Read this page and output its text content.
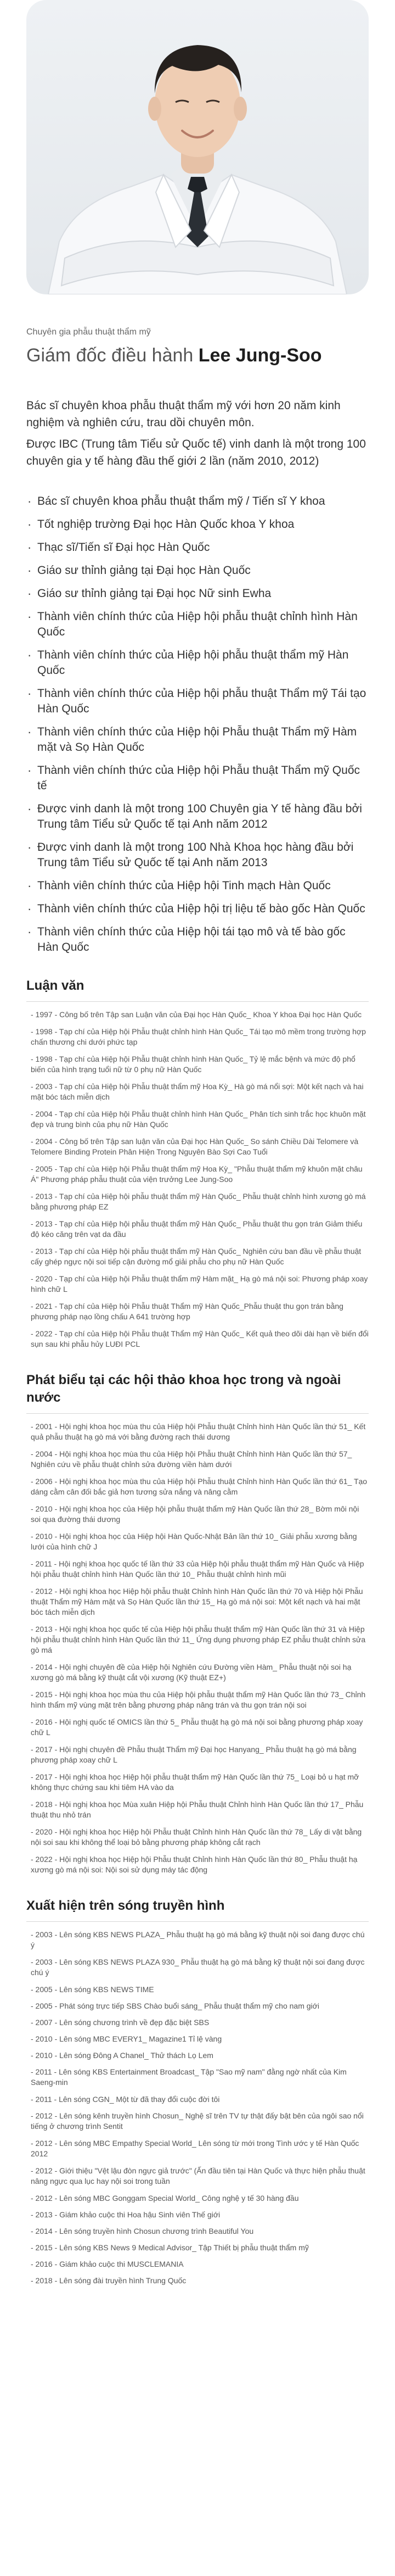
Chuyên gia phẫu thuật thẩm mỹ
Giám đốc điều hành Lee Jung-Soo

Bác sĩ chuyên khoa phẫu thuật thẩm mỹ với hơn 20 năm kinh nghiệm và nghiên cứu, trau dồi chuyên môn.

Được IBC (Trung tâm Tiểu sử Quốc tế) vinh danh là một trong 100 chuyên gia y tế hàng đầu thế giới 2 lần (năm 2010, 2012)

· Bác sĩ chuyên khoa phẫu thuật thẩm mỹ / Tiến sĩ Y khoa
· Tốt nghiệp trường Đại học Hàn Quốc khoa Y khoa
· Thạc sĩ/Tiến sĩ Đại học Hàn Quốc
· Giáo sư thỉnh giảng tại Đại học Hàn Quốc
· Giáo sư thỉnh giảng tại Đại học Nữ sinh Ewha
· Thành viên chính thức của Hiệp hội phẫu thuật chỉnh hình Hàn Quốc
· Thành viên chính thức của Hiệp hội phẫu thuật thẩm mỹ Hàn Quốc
· Thành viên chính thức của Hiệp hội phẫu thuật Thẩm mỹ Tái tạo Hàn Quốc
· Thành viên chính thức của Hiệp hội Phẫu thuật Thẩm mỹ Hàm mặt và Sọ Hàn Quốc
· Thành viên chính thức của Hiệp hội Phẫu thuật Thẩm mỹ Quốc tế
· Được vinh danh là một trong 100 Chuyên gia Y tế hàng đầu bởi Trung tâm Tiểu sử Quốc tế tại Anh năm 2012
· Được vinh danh là một trong 100 Nhà Khoa học hàng đầu bởi Trung tâm Tiểu sử Quốc tế tại Anh năm 2013
· Thành viên chính thức của Hiệp hội Tinh mạch Hàn Quốc
· Thành viên chính thức của Hiệp hội trị liệu tế bào gốc Hàn Quốc
· Thành viên chính thức của Hiệp hội tái tạo mô và tế bào gốc Hàn Quốc
Luận văn
- 1997 - Công bố trên Tập san Luận văn của Đại học Hàn Quốc_ Khoa Y khoa Đại học Hàn Quốc
- 1998 - Tạp chí của Hiệp hội Phẫu thuật chỉnh hình Hàn Quốc_ Tái tạo mô mềm trong trường hợp chấn thương chi dưới phức tạp
- 1998 - Tạp chí của Hiệp hội Phẫu thuật chỉnh hình Hàn Quốc_ Tỷ lệ mắc bệnh và mức độ phổ biến của hình trạng tuổi nữ từ 0 phụ nữ Hàn Quốc
- 2003 - Tạp chí của Hiệp hội Phẫu thuật thẩm mỹ Hoa Kỳ_ Hà gò má nổi sợi: Một kết nạch và hai mặt bóc tách miễn dịch
- 2004 - Tạp chí của Hiệp hội Phẫu thuật chỉnh hình Hàn Quốc_ Phân tích sinh trắc học khuôn mặt đẹp và trung bình của phụ nữ Hàn Quốc
- 2004 - Công bố trên Tập san luận văn của Đại học Hàn Quốc_ So sánh Chiều Dài Telomere và Telomere Binding Protein Phân Hiện Trong Nguyên Bào Sợi Cao Tuổi
- 2005 - Tạp chí của Hiệp hội Phẫu thuật thẩm mỹ Hoa Kỳ_ "Phẫu thuật thẩm mỹ khuôn mặt châu Á" Phương pháp phẫu thuật của viện trưởng Lee Jung-Soo
- 2013 - Tạp chí của Hiệp hội phẫu thuật thẩm mỹ Hàn Quốc_ Phẫu thuật chỉnh hình xương gò má bằng phương pháp EZ
- 2013 - Tạp chí của Hiệp hội phẫu thuật thẩm mỹ Hàn Quốc_ Phẫu thuật thu gọn trán Giảm thiểu độ kéo căng trên vạt da đầu
- 2013 - Tạp chí của Hiệp hội phẫu thuật thẩm mỹ Hàn Quốc_ Nghiên cứu ban đầu về phẫu thuật cấy ghép ngực nội soi tiếp cận đường mổ giải phẫu cho phụ nữ Hàn Quốc
- 2020 - Tạp chí của Hiệp hội Phẫu thuật thẩm mỹ Hàm mặt_ Hạ gò má nội soi: Phương pháp xoay hình chữ L
- 2021 - Tạp chí của Hiệp hội Phẫu thuật Thẩm mỹ Hàn Quốc_Phẫu thuật thu gọn trán bằng phương pháp nạo lồng chấu A 641 trường hợp
- 2022 - Tạp chí của Hiệp hội Phẫu thuật Thẩm mỹ Hàn Quốc_ Kết quả theo dõi dài hạn về biến đổi sụn sau khi phẫu hủy LUĐI PCL
Phát biểu tại các hội thảo khoa học trong và ngoài nước
- 2001 - Hội nghị khoa học mùa thu của Hiệp hội Phẫu thuật Chỉnh hình Hàn Quốc lần thứ 51_ Kết quả phẫu thuật hạ gò má với bằng đường rạch thái dương
- 2004 - Hội nghị khoa học mùa thu của Hiệp hội Phẫu thuật Chỉnh hình Hàn Quốc lần thứ 57_ Nghiên cứu về phẫu thuật chỉnh sửa đường viền hàm dưới
- 2006 - Hội nghị khoa học mùa thu của Hiệp hội Phẫu thuật Chỉnh hình Hàn Quốc lần thứ 61_ Tạo dáng cằm cân đối bắc giả hơn tương sửa nắng và nâng cằm
- 2010 - Hội nghị khoa học của Hiệp hội phẫu thuật thẩm mỹ Hàn Quốc lần thứ 28_ Bờm môi nội soi qua đường thái dương
- 2010 - Hội nghị khoa học của Hiệp hội Hàn Quốc-Nhật Bản lần thứ 10_ Giải phẫu xương bằng lưới của hình chữ J
- 2011 - Hội nghị khoa học quốc tế lần thứ 33 của Hiệp hội phẫu thuật thẩm mỹ Hàn Quốc và Hiệp hội phẫu thuật chỉnh hình Hàn Quốc lần thứ 10_ Phẫu thuật chỉnh hình mũi
- 2012 - Hội nghị khoa học Hiệp hội phẫu thuật Chỉnh hình Hàn Quốc lần thứ 70 và Hiệp hội Phẫu thuật Thẩm mỹ Hàm mặt và Sọ Hàn Quốc lần thứ 15_ Hạ gò má nội soi: Một kết nạch và hai mặt bóc tách miễn dịch
- 2013 - Hội nghị khoa học quốc tế của Hiệp hội phẫu thuật thẩm mỹ Hàn Quốc lần thứ 31 và Hiệp hội phẫu thuật chỉnh hình Hàn Quốc lần thứ 11_ Ứng dụng phương pháp EZ phẫu thuật chỉnh sửa gò má
- 2014 - Hội nghị chuyên đề của Hiệp hội Nghiên cứu Đường viền Hàm_ Phẫu thuật nội soi hạ xương gò má bằng kỹ thuật cắt vội xương (Kỹ thuật EZ+)
- 2015 - Hội nghị khoa học mùa thu của Hiệp hội phẫu thuật thẩm mỹ Hàn Quốc lần thứ 73_ Chỉnh hình thẩm mỹ vùng mặt trên bằng phương pháp nâng trán và thu gọn trán nội soi
- 2016 - Hội nghị quốc tế OMICS lần thứ 5_ Phẫu thuật hạ gò má nội soi bằng phương pháp xoay chữ L
- 2017 - Hội nghị chuyên đề Phẫu thuật Thẩm mỹ Đại học Hanyang_ Phẫu thuật hạ gò má bằng phương pháp xoay chữ L
- 2017 - Hội nghị khoa học Hiệp hội phẫu thuật thẩm mỹ Hàn Quốc lần thứ 75_ Loại bỏ u hạt mỡ không thực chứng sau khi tiêm HA vào da
- 2018 - Hội nghị khoa học Mùa xuân Hiệp hội Phẫu thuật Chỉnh hình Hàn Quốc lần thứ 17_ Phẫu thuật thu nhỏ trán
- 2020 - Hội nghị khoa học Hiệp hội Phẫu thuật Chỉnh hình Hàn Quốc lần thứ 78_ Lấy di vật bằng nội soi sau khi không thể loại bỏ bằng phương pháp không cắt rạch
- 2022 - Hội nghị khoa học Hiệp hội Phẫu thuật Chỉnh hình Hàn Quốc lần thứ 80_ Phẫu thuật hạ xương gò má nội soi: Nội soi sử dụng máy tác động
Xuất hiện trên sóng truyền hình
- 2003 - Lên sóng KBS NEWS PLAZA_ Phẫu thuật hạ gò má bằng kỹ thuật nội soi đang được chú ý
- 2003 - Lên sóng KBS NEWS PLAZA 930_ Phẫu thuật hạ gò má bằng kỹ thuật nội soi đang được chú ý
- 2005 - Lên sóng KBS NEWS TIME
- 2005 - Phát sóng trực tiếp SBS Chào buổi sáng_ Phẫu thuật thẩm mỹ cho nam giới
- 2007 - Lên sóng chương trình về đẹp đặc biệt SBS
- 2010 - Lên sóng MBC EVERY1_ Magazine1 Tỉ lệ vàng
- 2010 - Lên sóng Đông A Chanel_ Thử thách Lọ Lem
- 2011 - Lên sóng KBS Entertainment Broadcast_ Tập "Sao mỹ nam" đằng ngờ nhất của Kim Saeng-min
- 2011 - Lên sóng CGN_ Một từ đã thay đổi cuộc đời tôi
- 2012 - Lên sóng kênh truyền hình Chosun_ Nghệ sĩ trên TV tự thật đấy bật bên của ngôi sao nổi tiếng ở chương trình Sentit
- 2012 - Lên sóng MBC Empathy Special World_ Lên sóng từ mới trong Tình ước y tế Hàn Quốc 2012
- 2012 - Giới thiệu "Vệt lậu đòn ngực giả trước" (Ấn đầu tiên tại Hàn Quốc và thực hiện phẫu thuật nâng ngực qua lục hay nội soi trong tuần
- 2012 - Lên sóng MBC Gonggam Special World_ Công nghệ y tế 30 hàng đầu
- 2013 - Giám khảo cuộc thi Hoa hậu Sinh viên Thế giới
- 2014 - Lên sóng truyền hình Chosun chương trình Beautiful You
- 2015 - Lên sóng KBS News 9 Medical Advisor_ Tập Thiết bị phẫu thuật thẩm mỹ
- 2016 - Giám khảo cuộc thi MUSCLEMANIA
- 2018 - Lên sóng đài truyền hình Trung Quốc
